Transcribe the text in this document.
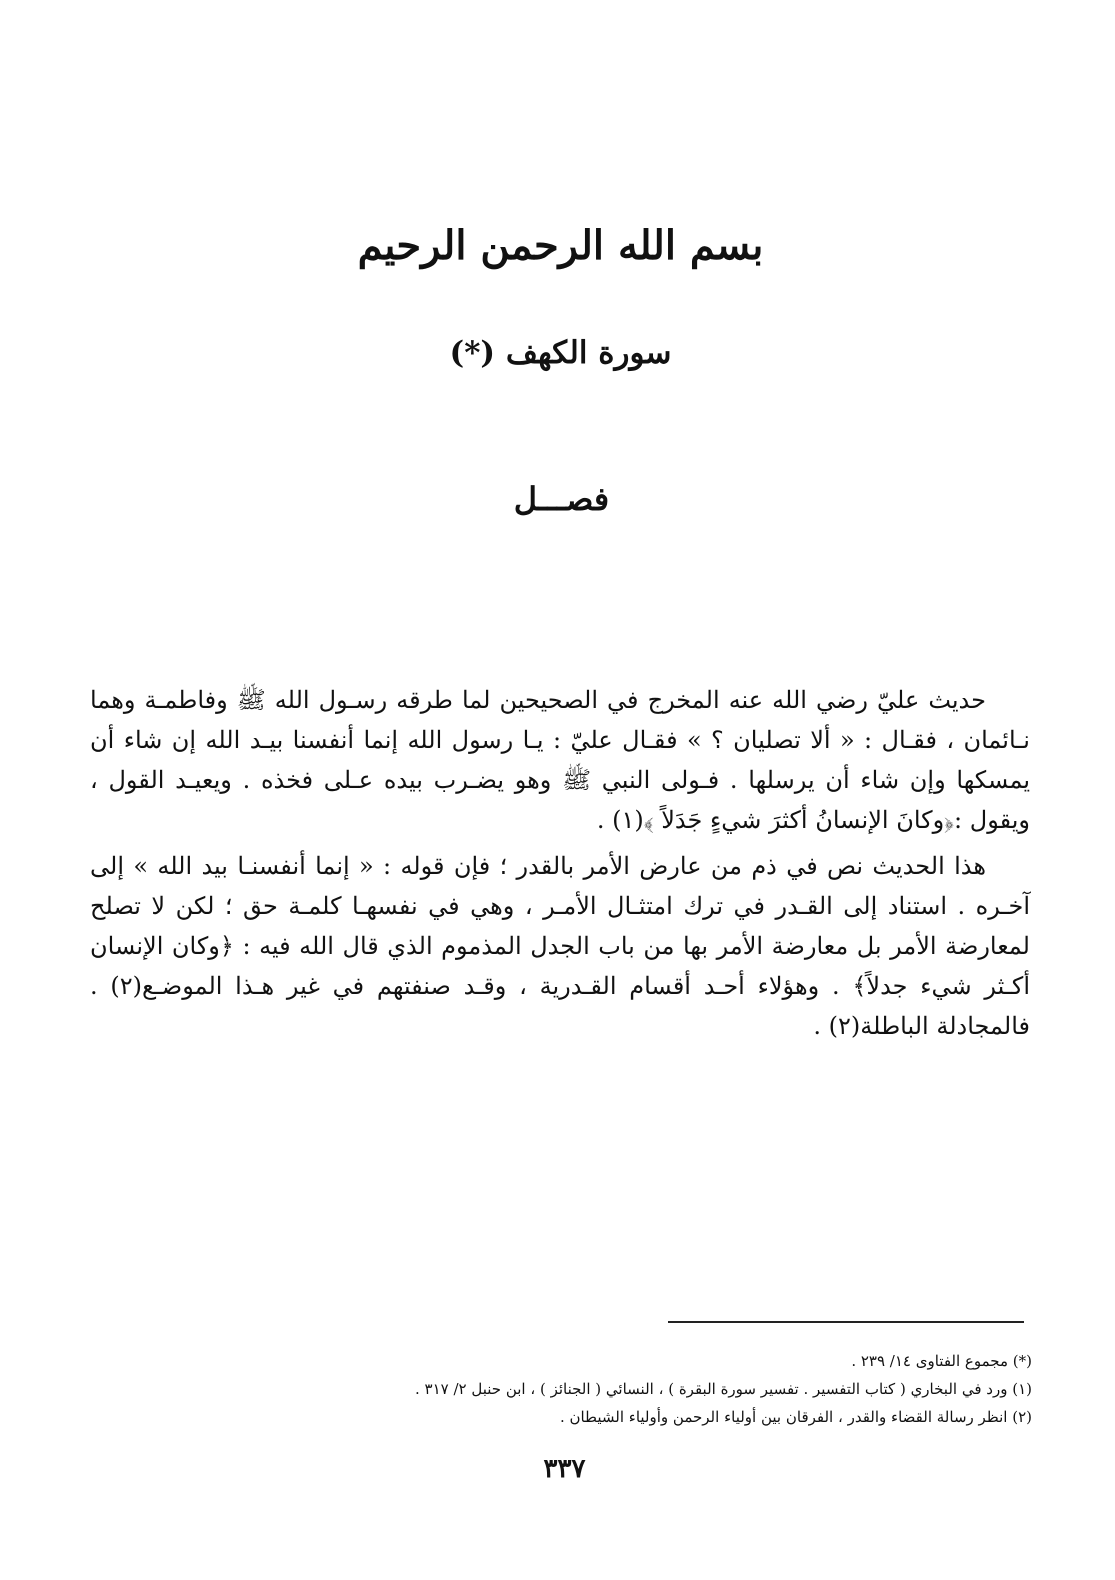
بسم الله الرحمن الرحيم
سورة الكهف (*)
فصـــل

حديث عليّ رضي الله عنه المخرج في الصحيحين لما طرقه رسـول الله ﷺ وفاطمـة وهما نـائمان ، فقـال : « ألا تصليان ؟ » فقـال عليّ : يـا رسول الله إنما أنفسنا بيـد الله إن شاء أن يمسكها وإن شاء أن يرسلها . فـولى النبي ﷺ وهو يضـرب بيده عـلى فخذه . ويعيـد القول ، ويقول :﴿وكانَ الإنسانُ أكثرَ شيءٍ جَدَلاً ﴾(١) .

هذا الحديث نص في ذم من عارض الأمر بالقدر ؛ فإن قوله : « إنما أنفسنـا بيد الله » إلى آخـره . استناد إلى القـدر في ترك امتثـال الأمـر ، وهي في نفسهـا كلمـة حق ؛ لكن لا تصلح لمعارضة الأمر بل معارضة الأمر بها من باب الجدل المذموم الذي قال الله فيه : ﴿وكان الإنسان أكـثر شيء جدلاً﴾ . وهؤلاء أحـد أقسام القـدرية ، وقـد صنفتهم في غير هـذا الموضـع(٢) . فالمجادلة الباطلة(٢) .

(*) مجموع الفتاوى ١٤/ ٢٣٩ .

(١) ورد في البخاري ( كتاب التفسير . تفسير سورة البقرة ) ، النسائي ( الجنائز ) ، ابن حنبل ٢/ ٣١٧ .

(٢) انظر رسالة القضاء والقدر ، الفرقان بين أولياء الرحمن وأولياء الشيطان .

٣٣٧
